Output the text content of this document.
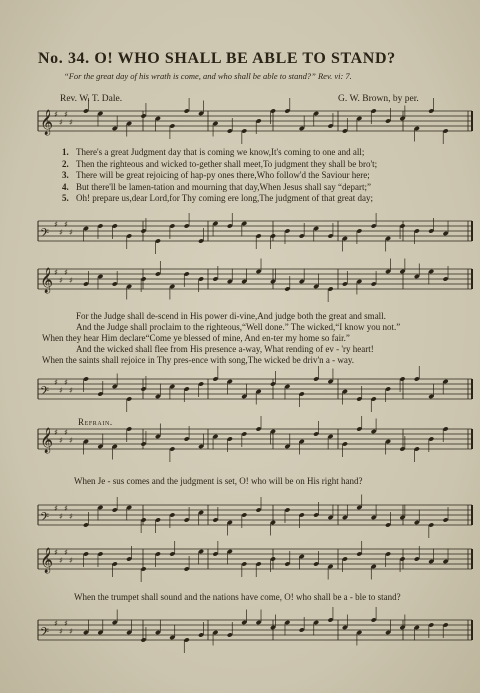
No. 34. O! WHO SHALL BE ABLE TO STAND?
“For the great day of his wrath is come, and who shall be able to stand?” Rev. vi: 7.
Rev. W. T. Dale.	G. W. Brown, by per.
♯
♯
♯
♯
♯
♯
♯
♯
♯
♯
♯
♯
♯
♯
♯
♯
♯
♯
♯
♯
♯
♯
♯
♯
♯
♯
♯
♯
♯
♯
♯
♯
𝄞
𝄢
𝄞
𝄢
𝄞
𝄢
𝄞
𝄢
1. There's a great Judgment day that is coming we know,It's coming to one and all;
2. Then the righteous and wicked to-gether shall meet,To judgment they shall be bro't;
3. There will be great rejoicing of hap-py ones there,Who follow'd the Saviour here;
4. But there'll be lamen-tation and mourning that day,When Jesus shall say “depart;”
5. Oh! prepare us,dear Lord,for Thy coming ere long,The judgment of that great day;
For the Judge shall de-scend in His power di-vine,And judge both the great and small.
And the Judge shall proclaim to the righteous,“Well done.” The wicked,“I know you not.”
When they hear Him declare“Come ye blessed of mine, And en-ter my home so fair.”
And the wicked shall flee from His presence a-way, What rending of ev - 'ry heart!
When the saints shall rejoice in Thy pres-ence with song,The wicked be driv'n a - way.
Refrain.
When Je - sus comes and the judgment is set, O! who will be on His right hand?
When the trumpet shall sound and the nations have come, O! who shall be a - ble to stand?
